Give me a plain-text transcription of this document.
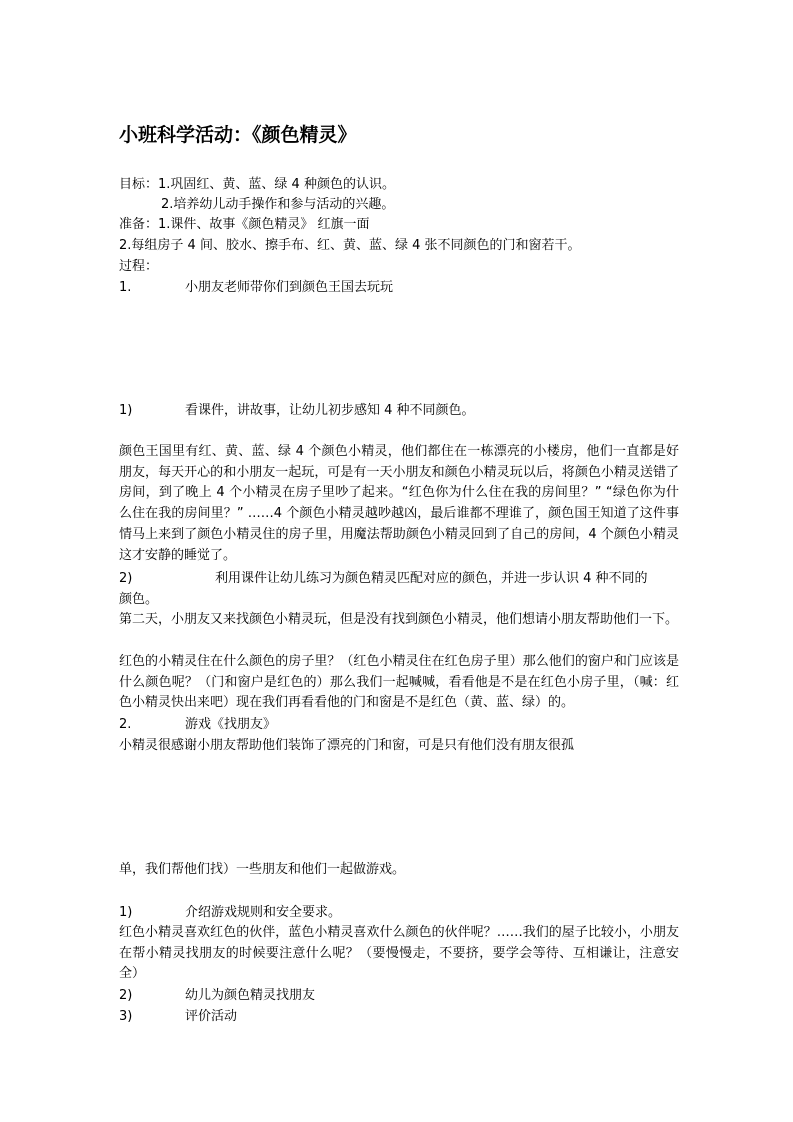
小班科学活动：《颜色精灵》
目标：1.巩固红、黄、蓝、绿 4 种颜色的认识。
2.培养幼儿动手操作和参与活动的兴趣。
准备：1.课件、故事《颜色精灵》 红旗一面
2.每组房子 4 间、胶水、擦手布、红、黄、蓝、绿 4 张不同颜色的门和窗若干。
过程：
1.	小朋友老师带你们到颜色王国去玩玩
1)	看课件，讲故事，让幼儿初步感知 4 种不同颜色。
颜色王国里有红、黄、蓝、绿 4 个颜色小精灵，他们都住在一栋漂亮的小楼房，他们一直都是好朋友，每天开心的和小朋友一起玩，可是有一天小朋友和颜色小精灵玩以后，将颜色小精灵送错了房间，到了晚上 4 个小精灵在房子里吵了起来。“红色你为什么住在我的房间里？” “绿色你为什么住在我的房间里？” ……4 个颜色小精灵越吵越凶，最后谁都不理谁了，颜色国王知道了这件事情马上来到了颜色小精灵住的房子里，用魔法帮助颜色小精灵回到了自己的房间，4 个颜色小精灵这才安静的睡觉了。
2)	利用课件让幼儿练习为颜色精灵匹配对应的颜色，并进一步认识 4 种不同的
颜色。
第二天，小朋友又来找颜色小精灵玩，但是没有找到颜色小精灵，他们想请小朋友帮助他们一下。
红色的小精灵住在什么颜色的房子里？（红色小精灵住在红色房子里）那么他们的窗户和门应该是什么颜色呢？（门和窗户是红色的）那么我们一起喊喊，看看他是不是在红色小房子里，（喊：红色小精灵快出来吧）现在我们再看看他的门和窗是不是红色（黄、蓝、绿）的。
2.	游戏《找朋友》
小精灵很感谢小朋友帮助他们装饰了漂亮的门和窗，可是只有他们没有朋友很孤
单，我们帮他们找）一些朋友和他们一起做游戏。
1)	介绍游戏规则和安全要求。
红色小精灵喜欢红色的伙伴，蓝色小精灵喜欢什么颜色的伙伴呢？……我们的屋子比较小，小朋友在帮小精灵找朋友的时候要注意什么呢？（要慢慢走，不要挤，要学会等待、互相谦让，注意安全）
2)	幼儿为颜色精灵找朋友
3)	评价活动
